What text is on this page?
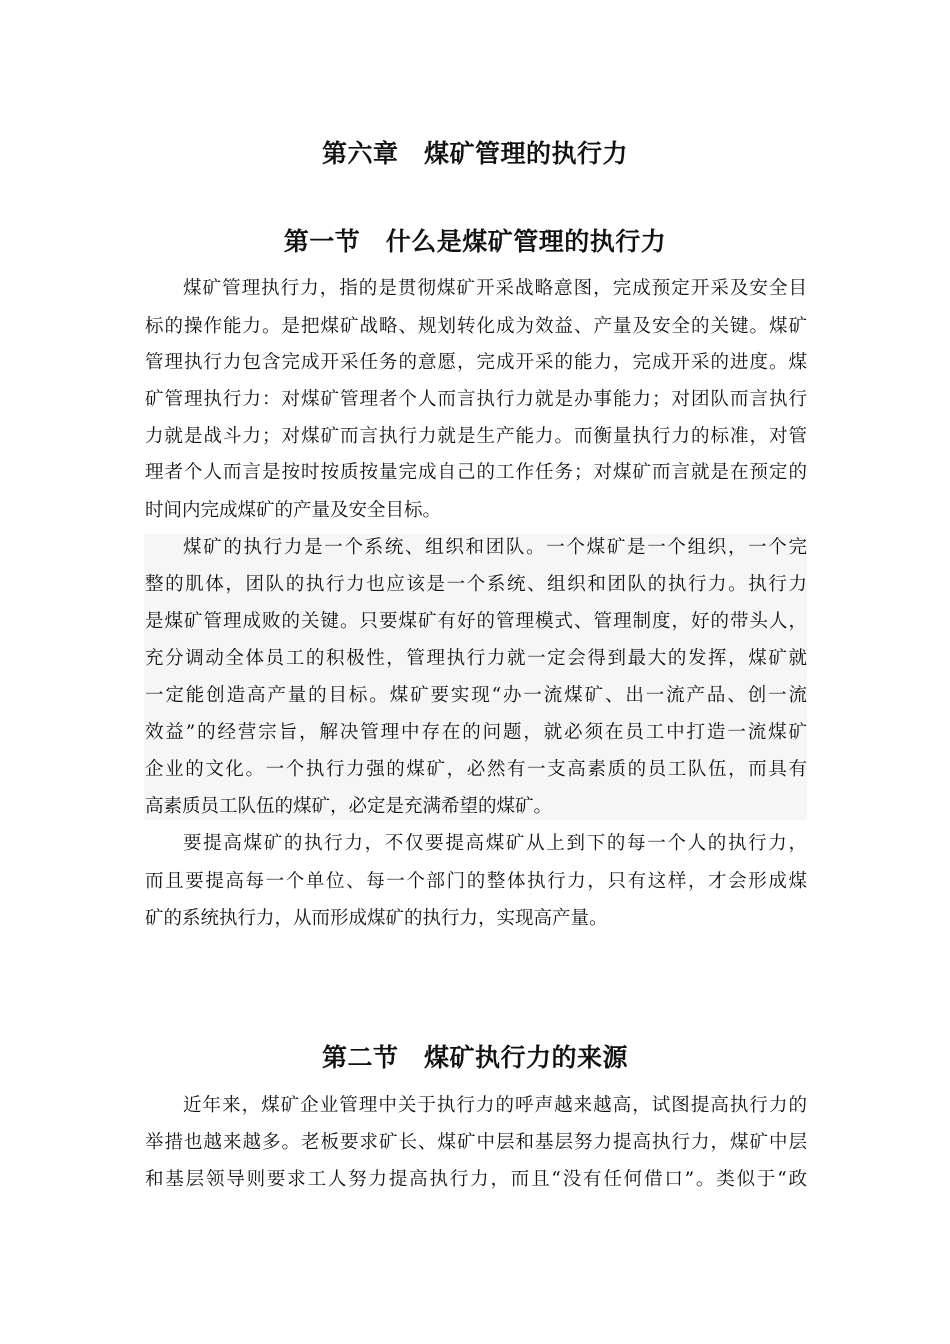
第六章　煤矿管理的执行力
第一节　什么是煤矿管理的执行力
煤矿管理执行力，指的是贯彻煤矿开采战略意图，完成预定开采及安全目
标的操作能力。是把煤矿战略、规划转化成为效益、产量及安全的关键。煤矿
管理执行力包含完成开采任务的意愿，完成开采的能力，完成开采的进度。煤
矿管理执行力：对煤矿管理者个人而言执行力就是办事能力；对团队而言执行
力就是战斗力；对煤矿而言执行力就是生产能力。而衡量执行力的标准，对管
理者个人而言是按时按质按量完成自己的工作任务；对煤矿而言就是在预定的
时间内完成煤矿的产量及安全目标。
煤矿的执行力是一个系统、组织和团队。一个煤矿是一个组织，一个完
整的肌体，团队的执行力也应该是一个系统、组织和团队的执行力。执行力
是煤矿管理成败的关键。只要煤矿有好的管理模式、管理制度，好的带头人，
充分调动全体员工的积极性，管理执行力就一定会得到最大的发挥，煤矿就
一定能创造高产量的目标。煤矿要实现“办一流煤矿、出一流产品、创一流
效益”的经营宗旨，解决管理中存在的问题，就必须在员工中打造一流煤矿
企业的文化。一个执行力强的煤矿，必然有一支高素质的员工队伍，而具有
高素质员工队伍的煤矿，必定是充满希望的煤矿。
要提高煤矿的执行力，不仅要提高煤矿从上到下的每一个人的执行力，
而且要提高每一个单位、每一个部门的整体执行力，只有这样，才会形成煤
矿的系统执行力，从而形成煤矿的执行力，实现高产量。
第二节　煤矿执行力的来源
近年来，煤矿企业管理中关于执行力的呼声越来越高，试图提高执行力的
举措也越来越多。老板要求矿长、煤矿中层和基层努力提高执行力，煤矿中层
和基层领导则要求工人努力提高执行力，而且“没有任何借口”。类似于“政
